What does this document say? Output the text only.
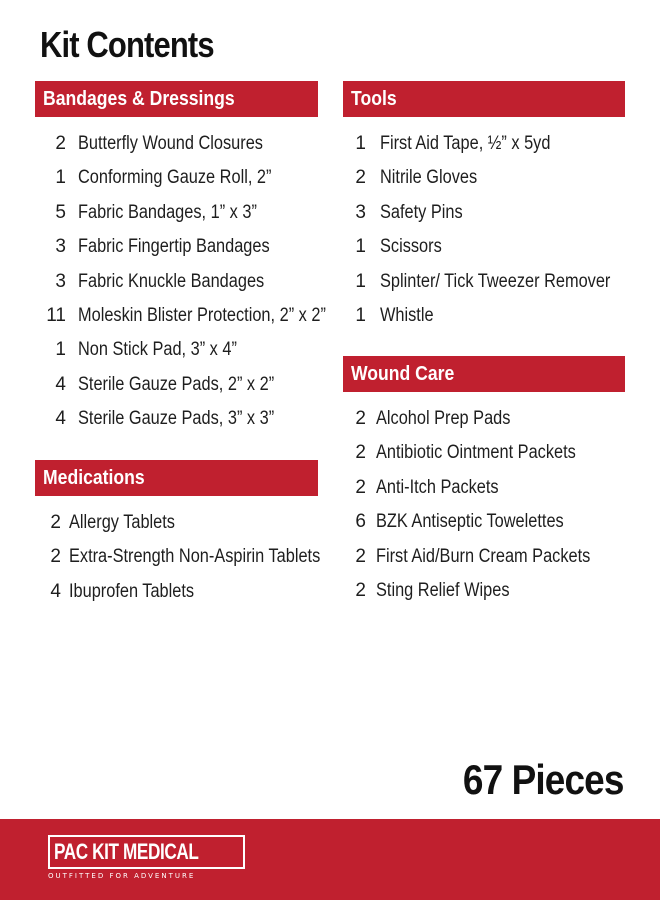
Kit Contents
Bandages & Dressings
2 Butterfly Wound Closures
1 Conforming Gauze Roll, 2”
5 Fabric Bandages, 1” x 3”
3 Fabric Fingertip Bandages
3 Fabric Knuckle Bandages
11 Moleskin Blister Protection, 2” x 2”
1 Non Stick Pad, 3” x 4”
4 Sterile Gauze Pads, 2” x 2”
4 Sterile Gauze Pads, 3” x 3”
Medications
2 Allergy Tablets
2 Extra-Strength Non-Aspirin Tablets
4 Ibuprofen Tablets
Tools
1 First Aid Tape, ½” x 5yd
2 Nitrile Gloves
3 Safety Pins
1 Scissors
1 Splinter/ Tick Tweezer Remover
1 Whistle
Wound Care
2 Alcohol Prep Pads
2 Antibiotic Ointment Packets
2 Anti-Itch Packets
6 BZK Antiseptic Towelettes
2 First Aid/Burn Cream Packets
2 Sting Relief Wipes
67 Pieces
PAC KIT MEDICAL
OUTFITTED FOR ADVENTURE
